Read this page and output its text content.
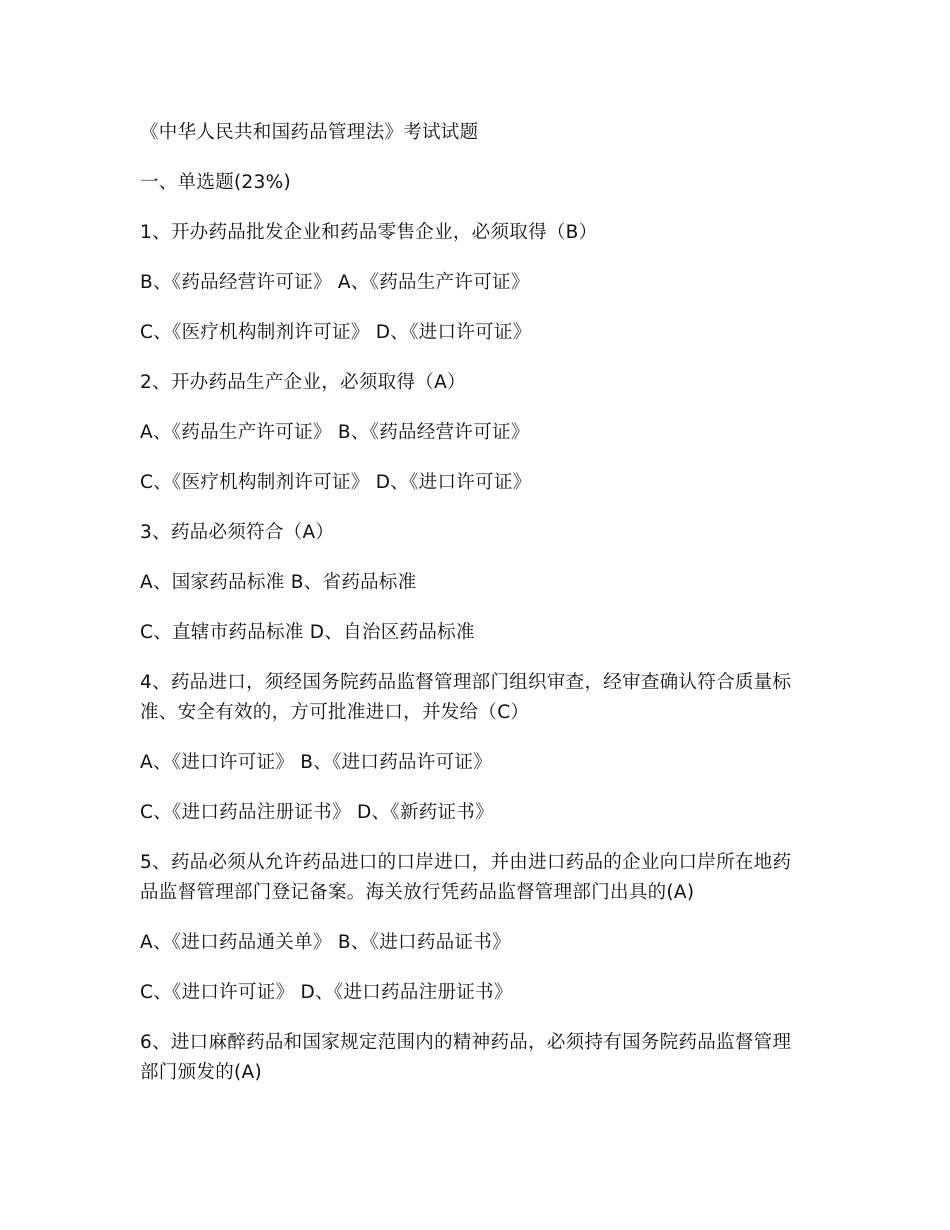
《中华人民共和国药品管理法》考试试题
一、单选题(23%)
1、开办药品批发企业和药品零售企业，必须取得（B）
B、《药品经营许可证》 A、《药品生产许可证》
C、《医疗机构制剂许可证》 D、《进口许可证》
2、开办药品生产企业，必须取得（A）
A、《药品生产许可证》 B、《药品经营许可证》
C、《医疗机构制剂许可证》 D、《进口许可证》
3、药品必须符合（A）
A、国家药品标准 B、省药品标准
C、直辖市药品标准 D、自治区药品标准
4、药品进口，须经国务院药品监督管理部门组织审查，经审查确认符合质量标准、安全有效的，方可批准进口，并发给（C）
A、《进口许可证》 B、《进口药品许可证》
C、《进口药品注册证书》 D、《新药证书》
5、药品必须从允许药品进口的口岸进口，并由进口药品的企业向口岸所在地药品监督管理部门登记备案。海关放行凭药品监督管理部门出具的(A)
A、《进口药品通关单》 B、《进口药品证书》
C、《进口许可证》 D、《进口药品注册证书》
6、进口麻醉药品和国家规定范围内的精神药品，必须持有国务院药品监督管理部门颁发的(A)
